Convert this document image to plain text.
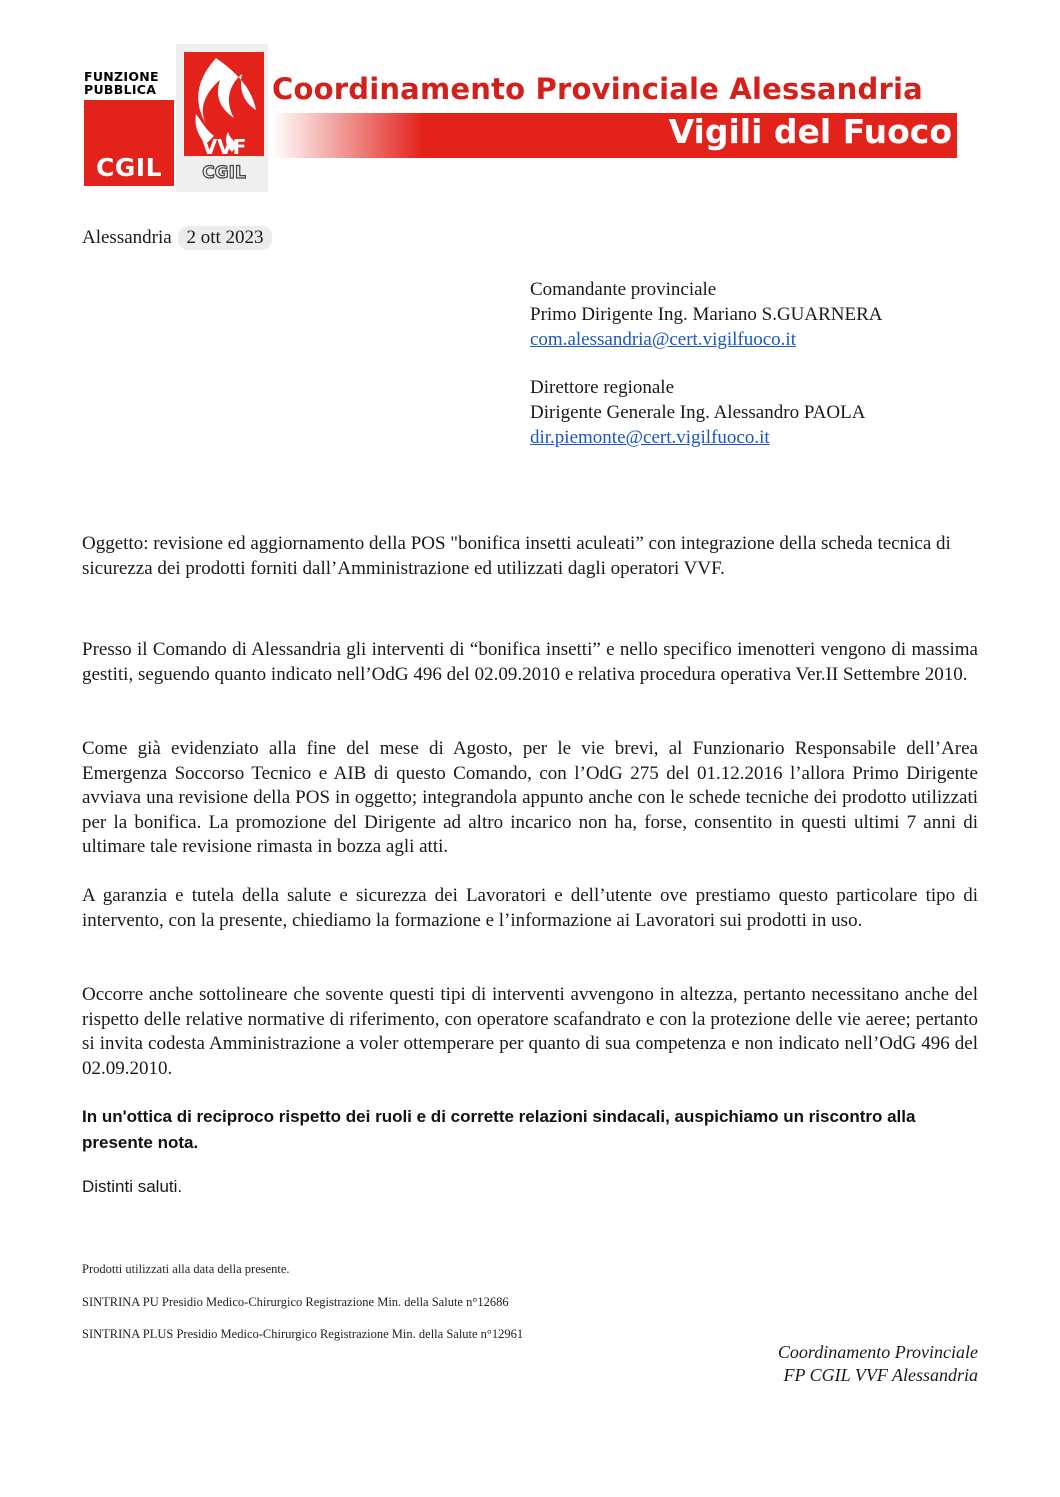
FUNZIONE
PUBBLICA
CGIL
VVF
CGIL
Coordinamento Provinciale Alessandria
Vigili del Fuoco
Alessandria 2 ott 2023
Comandante provinciale
Primo Dirigente Ing. Mariano S.GUARNERA
com.alessandria@cert.vigilfuoco.it
Direttore regionale
Dirigente Generale Ing. Alessandro PAOLA
dir.piemonte@cert.vigilfuoco.it
Oggetto: revisione ed aggiornamento della POS "bonifica insetti aculeati” con integrazione della scheda tecnica di sicurezza dei prodotti forniti dall’Amministrazione ed utilizzati dagli operatori VVF.
Presso il Comando di Alessandria gli interventi di “bonifica insetti” e nello specifico imenotteri vengono di massima gestiti, seguendo quanto indicato nell’OdG 496 del 02.09.2010 e relativa procedura operativa Ver.II Settembre 2010.
Come già evidenziato alla fine del mese di Agosto, per le vie brevi, al Funzionario Responsabile dell’Area Emergenza Soccorso Tecnico e AIB di questo Comando, con l’OdG 275 del 01.12.2016 l’allora Primo Dirigente avviava una revisione della POS in oggetto; integrandola appunto anche con le schede tecniche dei prodotto utilizzati per la bonifica. La promozione del Dirigente ad altro incarico non ha, forse, consentito in questi ultimi 7 anni di ultimare tale revisione rimasta in bozza agli atti.
A garanzia e tutela della salute e sicurezza dei Lavoratori e dell’utente ove prestiamo questo particolare tipo di intervento, con la presente, chiediamo la formazione e l’informazione ai Lavoratori sui prodotti in uso.
Occorre anche sottolineare che sovente questi tipi di interventi avvengono in altezza, pertanto necessitano anche del rispetto delle relative normative di riferimento, con operatore scafandrato e con la protezione delle vie aeree; pertanto si invita codesta Amministrazione a voler ottemperare per quanto di sua competenza e non indicato nell’OdG 496 del 02.09.2010.
In un'ottica di reciproco rispetto dei ruoli e di corrette relazioni sindacali, auspichiamo un riscontro alla presente nota.
Distinti saluti.
Prodotti utilizzati alla data della presente.
SINTRINA PU Presidio Medico-Chirurgico Registrazione Min. della Salute n°12686
SINTRINA PLUS Presidio Medico-Chirurgico Registrazione Min. della Salute n°12961
Coordinamento Provinciale
FP CGIL VVF Alessandria
